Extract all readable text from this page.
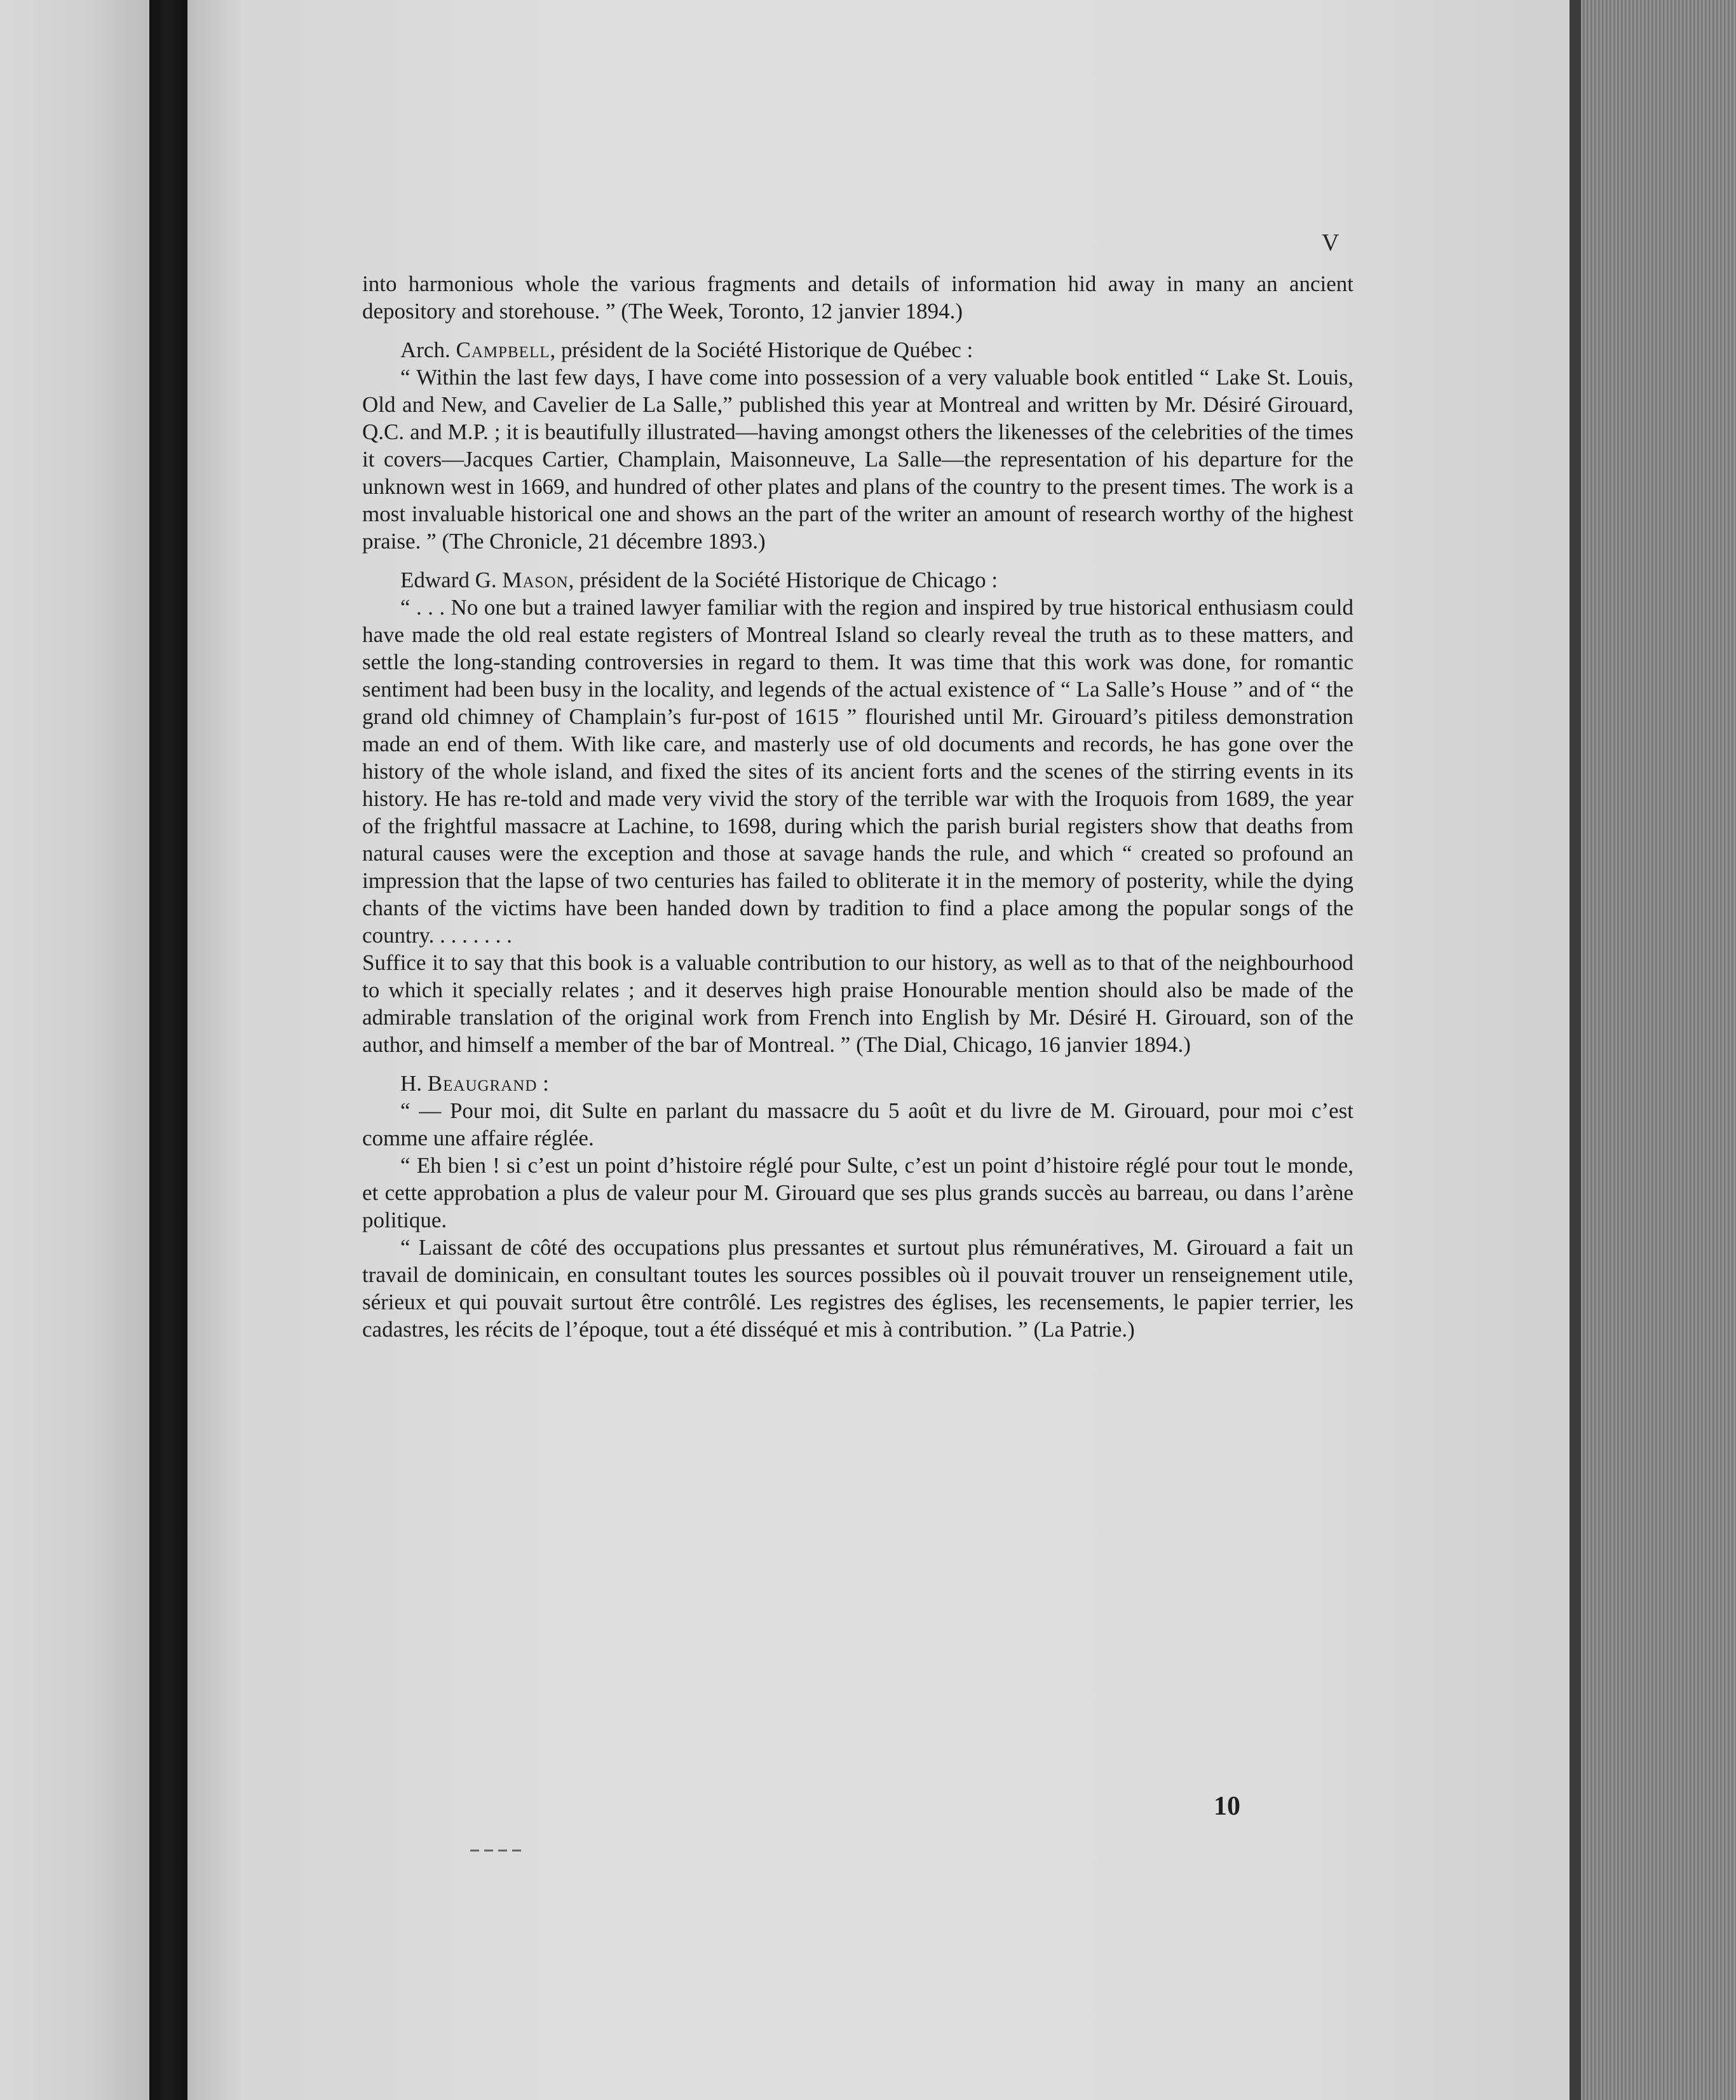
V

into harmonious whole the various fragments and details of information hid away in many an ancient depository and storehouse. ” (The Week, Toronto, 12 janvier 1894.)

Arch. Campbell, président de la Société Historique de Québec :

“ Within the last few days, I have come into possession of a very valuable book entitled “ Lake St. Louis, Old and New, and Cavelier de La Salle,” published this year at Montreal and written by Mr. Désiré Girouard, Q.C. and M.P. ; it is beautifully illustrated—having amongst others the likenesses of the celebrities of the times it covers—Jacques Cartier, Champlain, Maisonneuve, La Salle—the representation of his departure for the unknown west in 1669, and hundred of other plates and plans of the country to the present times. The work is a most invaluable historical one and shows an the part of the writer an amount of research worthy of the highest praise. ” (The Chronicle, 21 décembre 1893.)

Edward G. Mason, président de la Société Historique de Chicago :

“ . . . No one but a trained lawyer familiar with the region and inspired by true historical enthusiasm could have made the old real estate registers of Montreal Island so clearly reveal the truth as to these matters, and settle the long-standing controversies in regard to them. It was time that this work was done, for romantic sentiment had been busy in the locality, and legends of the actual existence of “ La Salle’s House ” and of “ the grand old chimney of Champlain’s fur-post of 1615 ” flourished until Mr. Girouard’s pitiless demonstration made an end of them. With like care, and masterly use of old documents and records, he has gone over the history of the whole island, and fixed the sites of its ancient forts and the scenes of the stirring events in its history. He has re-told and made very vivid the story of the terrible war with the Iroquois from 1689, the year of the frightful massacre at Lachine, to 1698, during which the parish burial registers show that deaths from natural causes were the exception and those at savage hands the rule, and which “ created so profound an impression that the lapse of two centuries has failed to obliterate it in the memory of posterity, while the dying chants of the victims have been handed down by tradition to find a place among the popular songs of the country. . . . . . . .

Suffice it to say that this book is a valuable contribution to our history, as well as to that of the neighbourhood to which it specially relates ; and it deserves high praise Honourable mention should also be made of the admirable translation of the original work from French into English by Mr. Désiré H. Girouard, son of the author, and himself a member of the bar of Montreal. ” (The Dial, Chicago, 16 janvier 1894.)

H. Beaugrand :

“ — Pour moi, dit Sulte en parlant du massacre du 5 août et du livre de M. Girouard, pour moi c’est comme une affaire réglée.

“ Eh bien ! si c’est un point d’histoire réglé pour Sulte, c’est un point d’histoire réglé pour tout le monde, et cette approbation a plus de valeur pour M. Girouard que ses plus grands succès au barreau, ou dans l’arène politique.

“ Laissant de côté des occupations plus pressantes et surtout plus rémunératives, M. Girouard a fait un travail de dominicain, en consultant toutes les sources possibles où il pouvait trouver un renseignement utile, sérieux et qui pouvait surtout être contrôlé. Les registres des églises, les recensements, le papier terrier, les cadastres, les récits de l’époque, tout a été disséqué et mis à contribution. ” (La Patrie.)

10
